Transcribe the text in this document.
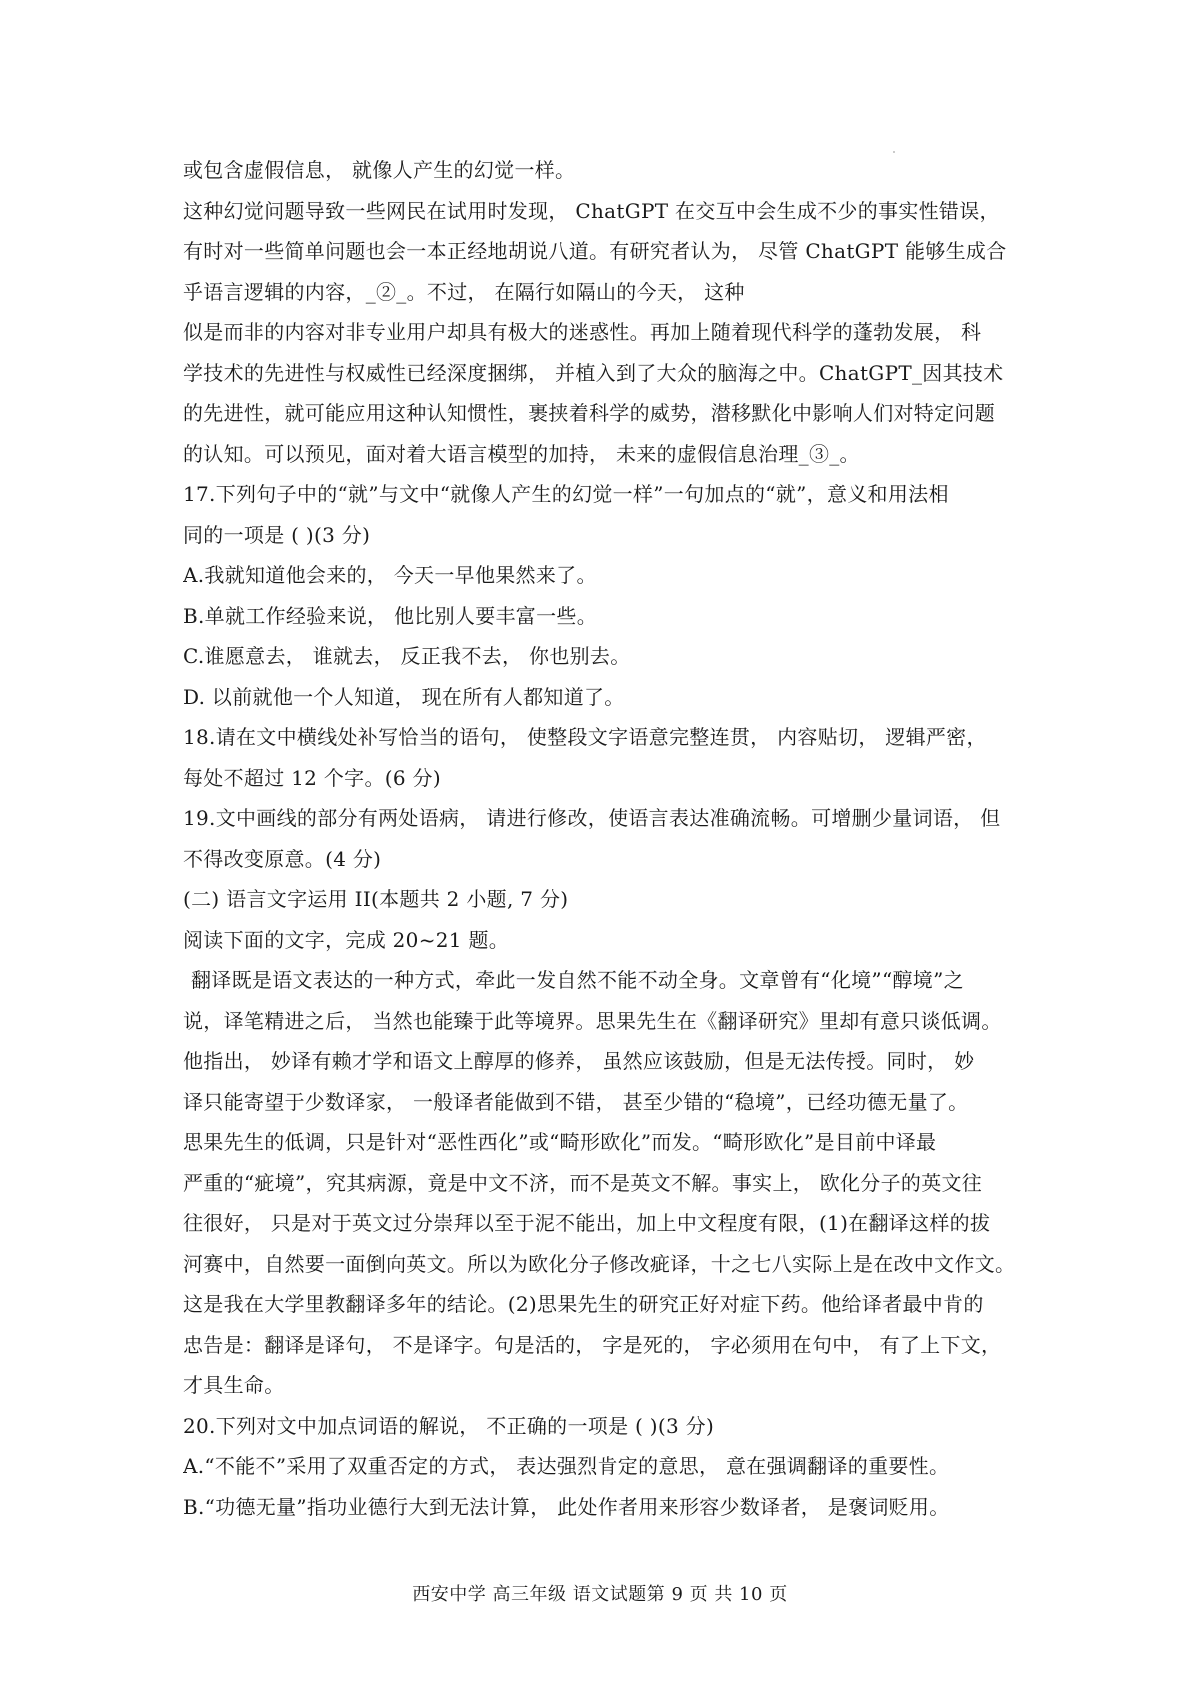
或包含虚假信息， 就像人产生的幻觉一样。
这种幻觉问题导致一些网民在试用时发现， ChatGPT 在交互中会生成不少的事实性错误，
有时对一些简单问题也会一本正经地胡说八道。有研究者认为， 尽管 ChatGPT 能够生成合
乎语言逻辑的内容，_②_。不过， 在隔行如隔山的今天， 这种
似是而非的内容对非专业用户却具有极大的迷惑性。再加上随着现代科学的蓬勃发展， 科
学技术的先进性与权威性已经深度捆绑， 并植入到了大众的脑海之中。ChatGPT_因其技术
的先进性，就可能应用这种认知惯性，裹挟着科学的威势，潜移默化中影响人们对特定问题
的认知。可以预见，面对着大语言模型的加持， 未来的虚假信息治理_③_。
17.下列句子中的“就”与文中“就像人产生的幻觉一样”一句加点的“就”，意义和用法相
同的一项是 ( )(3 分)
A.我就知道他会来的， 今天一早他果然来了。
B.单就工作经验来说， 他比别人要丰富一些。
C.谁愿意去， 谁就去， 反正我不去， 你也别去。
D. 以前就他一个人知道， 现在所有人都知道了。
18.请在文中横线处补写恰当的语句， 使整段文字语意完整连贯， 内容贴切， 逻辑严密，
每处不超过 12 个字。(6 分)
19.文中画线的部分有两处语病， 请进行修改，使语言表达准确流畅。可增删少量词语， 但
不得改变原意。(4 分)
(二) 语言文字运用 II(本题共 2 小题, 7 分)
阅读下面的文字，完成 20~21 题。
翻译既是语文表达的一种方式，牵此一发自然不能不动全身。文章曾有“化境”“醇境”之
说，译笔精进之后， 当然也能臻于此等境界。思果先生在《翻译研究》里却有意只谈低调。
他指出， 妙译有赖才学和语文上醇厚的修养， 虽然应该鼓励，但是无法传授。同时， 妙
译只能寄望于少数译家， 一般译者能做到不错， 甚至少错的“稳境”，已经功德无量了。
思果先生的低调，只是针对“恶性西化”或“畸形欧化”而发。“畸形欧化”是目前中译最
严重的“疵境”，究其病源，竟是中文不济，而不是英文不解。事实上， 欧化分子的英文往
往很好， 只是对于英文过分崇拜以至于泥不能出，加上中文程度有限，(1)在翻译这样的拔
河赛中，自然要一面倒向英文。所以为欧化分子修改疵译，十之七八实际上是在改中文作文。
这是我在大学里教翻译多年的结论。(2)思果先生的研究正好对症下药。他给译者最中肯的
忠告是：翻译是译句， 不是译字。句是活的， 字是死的， 字必须用在句中， 有了上下文，
才具生命。
20.下列对文中加点词语的解说， 不正确的一项是 ( )(3 分)
A.“不能不”采用了双重否定的方式， 表达强烈肯定的意思， 意在强调翻译的重要性。
B.“功德无量”指功业德行大到无法计算， 此处作者用来形容少数译者， 是褒词贬用。
西安中学 高三年级 语文试题第 9 页 共 10 页
